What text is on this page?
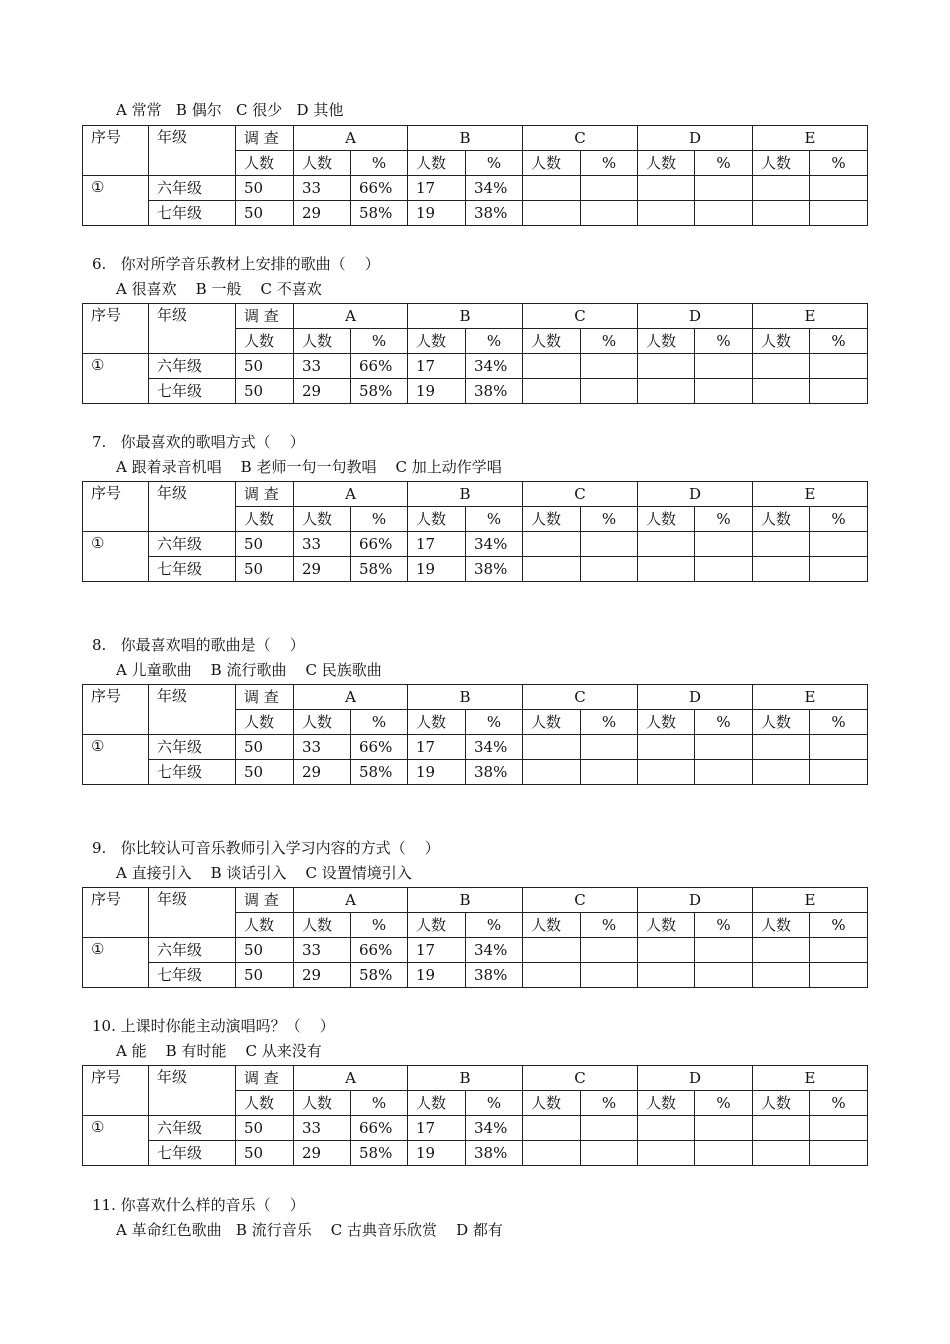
A 常常   B 偶尔   C 很少   D 其他
序号	年级	调 查	A		B		C		D		E	
		人数	人数	%	人数	%	人数	%	人数	%	人数	%
①	六年级	50	33	66%	17	34%						
	七年级	50	29	58%	19	38%						
6.   你对所学音乐教材上安排的歌曲（    ）
A 很喜欢    B 一般    C 不喜欢
序号	年级	调 查	A		B		C		D		E	
		人数	人数	%	人数	%	人数	%	人数	%	人数	%
①	六年级	50	33	66%	17	34%						
	七年级	50	29	58%	19	38%						
7.   你最喜欢的歌唱方式（    ）
A 跟着录音机唱    B 老师一句一句教唱    C 加上动作学唱
序号	年级	调 查	A		B		C		D		E	
		人数	人数	%	人数	%	人数	%	人数	%	人数	%
①	六年级	50	33	66%	17	34%						
	七年级	50	29	58%	19	38%						
8.   你最喜欢唱的歌曲是（    ）
A 儿童歌曲    B 流行歌曲    C 民族歌曲
序号	年级	调 查	A		B		C		D		E	
		人数	人数	%	人数	%	人数	%	人数	%	人数	%
①	六年级	50	33	66%	17	34%						
	七年级	50	29	58%	19	38%						
9.   你比较认可音乐教师引入学习内容的方式（    ）
A 直接引入    B 谈话引入    C 设置情境引入
序号	年级	调 查	A		B		C		D		E	
		人数	人数	%	人数	%	人数	%	人数	%	人数	%
①	六年级	50	33	66%	17	34%						
	七年级	50	29	58%	19	38%						
10. 上课时你能主动演唱吗？（    ）
A 能    B 有时能    C 从来没有
序号	年级	调 查	A		B		C		D		E	
		人数	人数	%	人数	%	人数	%	人数	%	人数	%
①	六年级	50	33	66%	17	34%						
	七年级	50	29	58%	19	38%						
11. 你喜欢什么样的音乐（    ）
A 革命红色歌曲   B 流行音乐    C 古典音乐欣赏    D 都有
